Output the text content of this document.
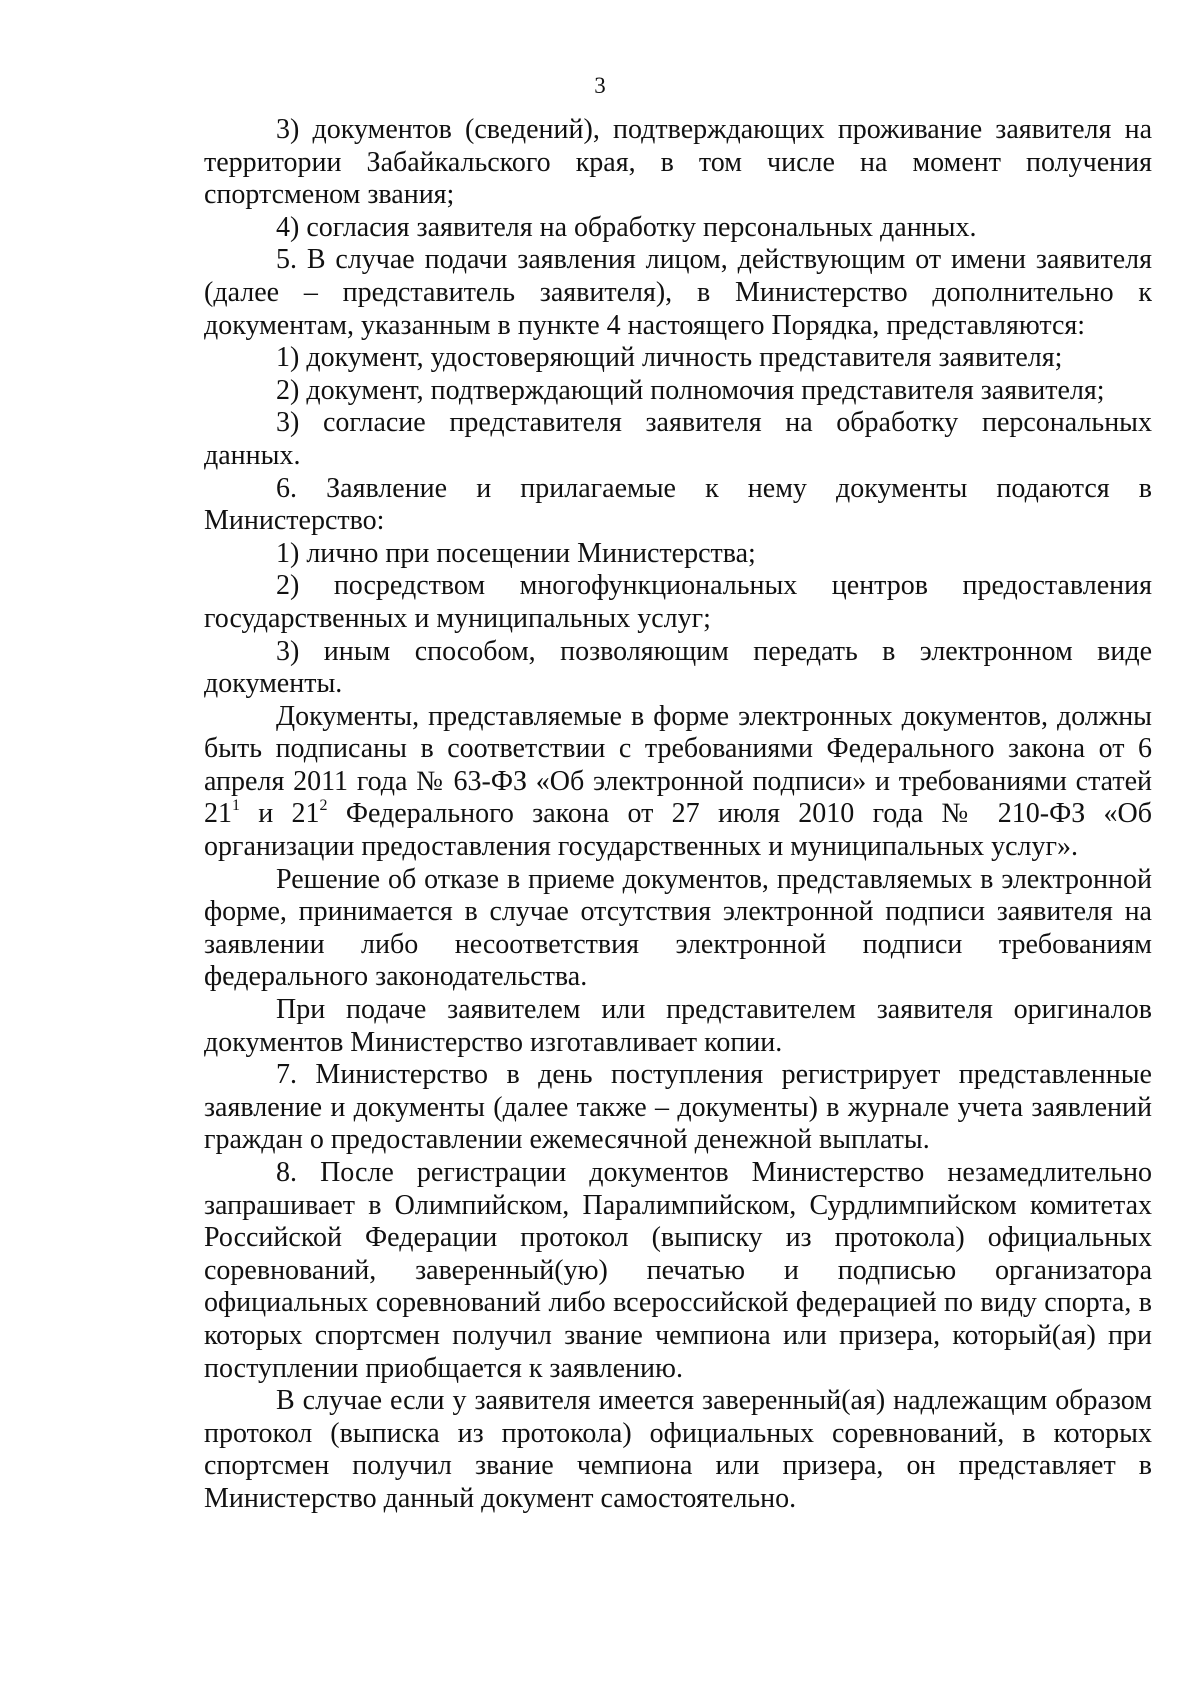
3

3) документов (сведений), подтверждающих проживание заявителя на территории Забайкальского края, в том числе на момент получения спортсменом звания;

4) согласия заявителя на обработку персональных данных.

5. В случае подачи заявления лицом, действующим от имени заявителя (далее – представитель заявителя), в Министерство дополнительно к документам, указанным в пункте 4 настоящего Порядка, представляются:

1) документ, удостоверяющий личность представителя заявителя;

2) документ, подтверждающий полномочия представителя заявителя;

3) согласие представителя заявителя на обработку персональных данных.

6. Заявление и прилагаемые к нему документы подаются в Министерство:

1) лично при посещении Министерства;

2) посредством многофункциональных центров предоставления государственных и муниципальных услуг;

3) иным способом, позволяющим передать в электронном виде документы.

Документы, представляемые в форме электронных документов, должны быть подписаны в соответствии с требованиями Федерального закона от 6 апреля 2011 года № 63-ФЗ «Об электронной подписи» и требованиями статей $21^1$ и $21^2$ Федерального закона от 27 июля 2010 года № 210-ФЗ «Об организации предоставления государственных и муниципальных услуг».

Решение об отказе в приеме документов, представляемых в электронной форме, принимается в случае отсутствия электронной подписи заявителя на заявлении либо несоответствия электронной подписи требованиям федерального законодательства.

При подаче заявителем или представителем заявителя оригиналов документов Министерство изготавливает копии.

7. Министерство в день поступления регистрирует представленные заявление и документы (далее также – документы) в журнале учета заявлений граждан о предоставлении ежемесячной денежной выплаты.

8. После регистрации документов Министерство незамедлительно запрашивает в Олимпийском, Паралимпийском, Сурдлимпийском комитетах Российской Федерации протокол (выписку из протокола) официальных соревнований, заверенный(ую) печатью и подписью организатора официальных соревнований либо всероссийской федерацией по виду спорта, в которых спортсмен получил звание чемпиона или призера, который(ая) при поступлении приобщается к заявлению.

В случае если у заявителя имеется заверенный(ая) надлежащим образом протокол (выписка из протокола) официальных соревнований, в которых спортсмен получил звание чемпиона или призера, он представляет в Министерство данный документ самостоятельно.
